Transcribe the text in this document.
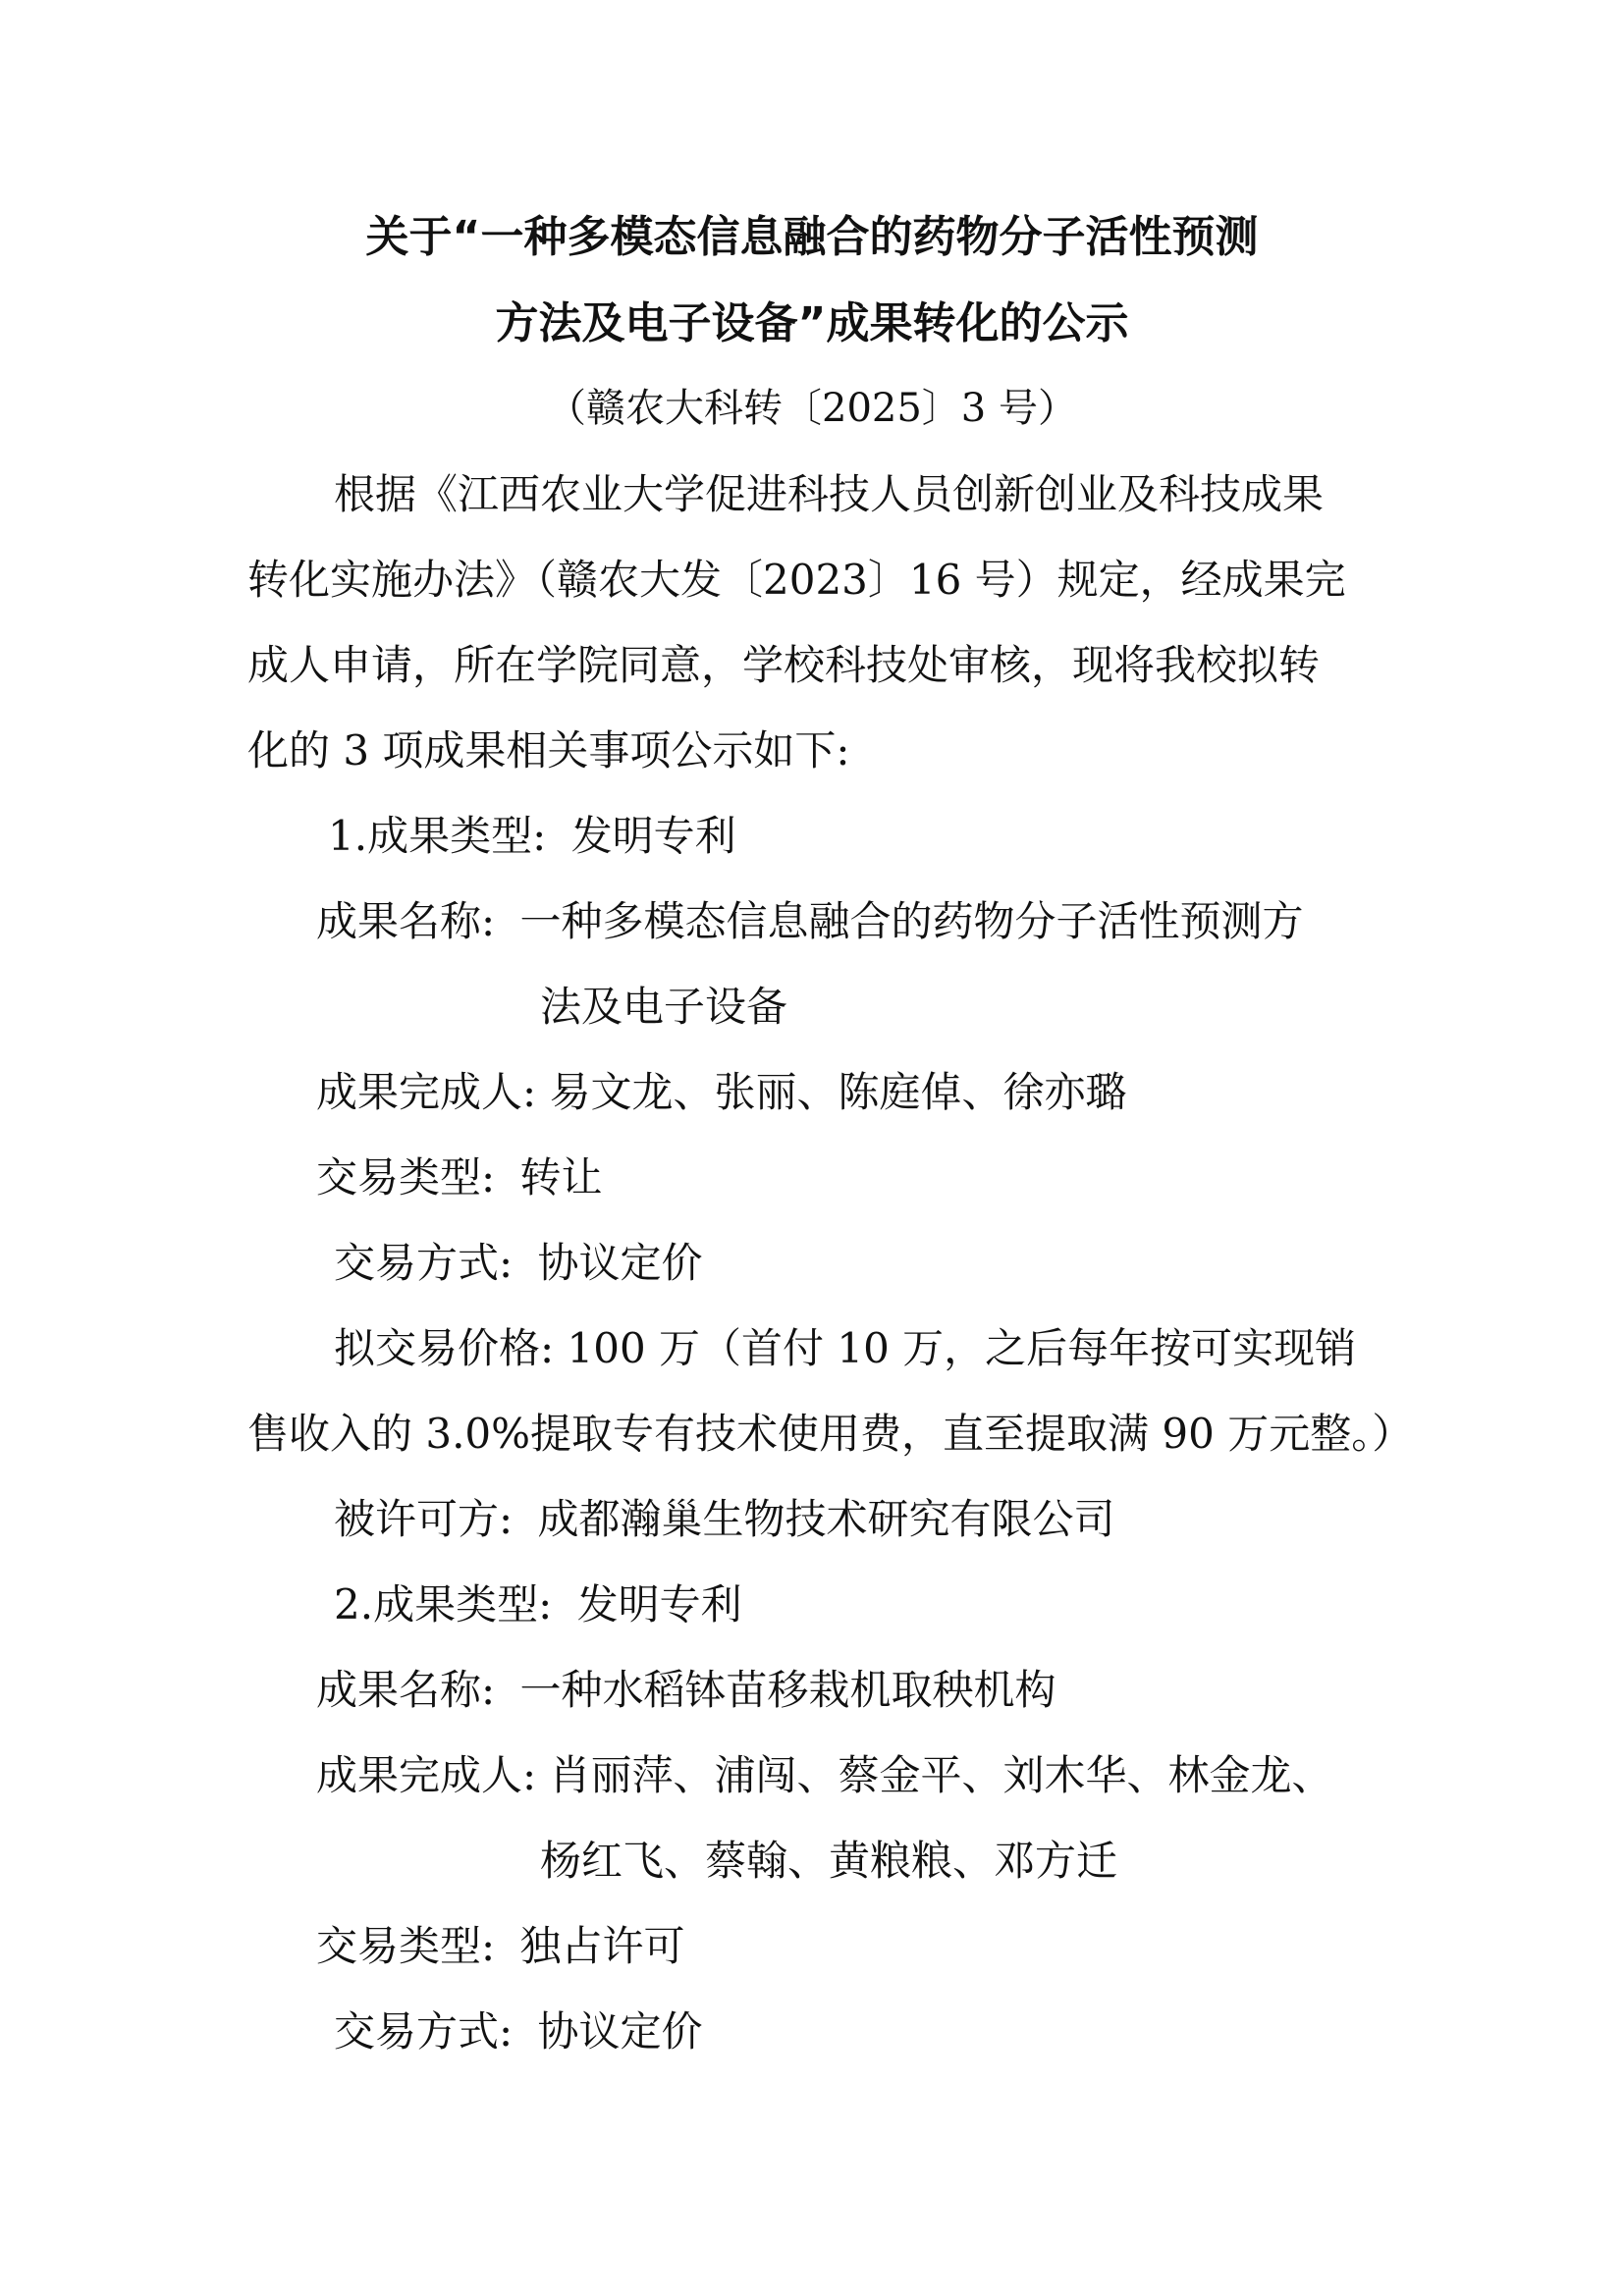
关于“一种多模态信息融合的药物分子活性预测
方法及电子设备”成果转化的公示
（赣农大科转〔2025〕3 号）
根据《江西农业大学促进科技人员创新创业及科技成果
转化实施办法》（赣农大发〔2023〕16 号）规定，经成果完
成人申请，所在学院同意，学校科技处审核，现将我校拟转
化的 3 项成果相关事项公示如下:
1.成果类型: 发明专利
成果名称: 一种多模态信息融合的药物分子活性预测方
法及电子设备
成果完成人: 易文龙、张丽、陈庭倬、徐亦璐
交易类型: 转让
交易方式: 协议定价
拟交易价格: 100 万（首付 10 万，之后每年按可实现销
售收入的 3.0%提取专有技术使用费，直至提取满 90 万元整。）
被许可方: 成都瀚巢生物技术研究有限公司
2.成果类型: 发明专利
成果名称: 一种水稻钵苗移栽机取秧机构
成果完成人: 肖丽萍、浦闯、蔡金平、刘木华、林金龙、
杨红飞、蔡翰、黄粮粮、邓方迁
交易类型: 独占许可
交易方式: 协议定价
